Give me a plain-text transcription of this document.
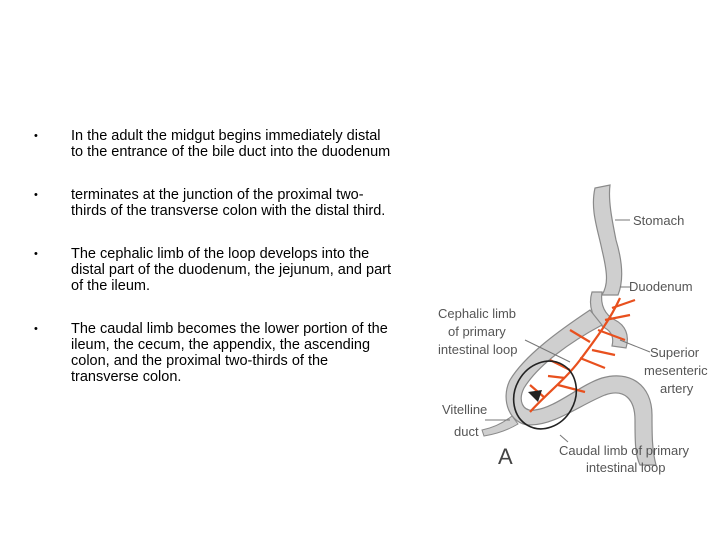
• In the adult the midgut begins immediately distal to the entrance of the bile duct into the duodenum
• terminates at the junction of the proximal two-thirds of the transverse colon with the distal third.
• The cephalic limb of the loop develops into the distal part of the duodenum, the jejunum, and part of the ileum.
• The caudal limb becomes the lower portion of the ileum, the cecum, the appendix, the ascending colon, and the proximal two-thirds of the transverse colon.
Stomach
Duodenum
Cephalic limb
of primary
intestinal loop	Superior
mesenteric
artery
Vitelline
duct
Caudal limb of primary
intestinal loop
A
